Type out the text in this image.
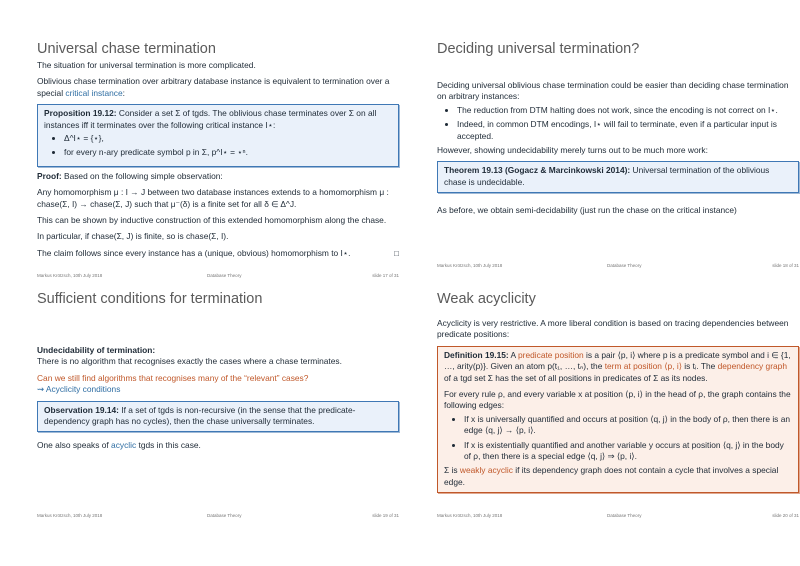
Universal chase termination

The situation for universal termination is more complicated.

Oblivious chase termination over arbitrary database instance is equivalent to termination over a special critical instance:

Proposition 19.12: Consider a set Σ of tgds. The oblivious chase terminates over Σ on all instances iff it terminates over the following critical instance I⋆:
• Δ^I⋆ = {⋆},
• for every n-ary predicate symbol p in Σ, p^I⋆ = ⋆ⁿ.

Proof: Based on the following simple observation:

Any homomorphism μ : I → J between two database instances extends to a homomorphism μ : chase(Σ, I) → chase(Σ, J) such that μ⁻(δ) is a finite set for all δ ∈ Δ^J.

This can be shown by inductive construction of this extended homomorphism along the chase.

In particular, if chase(Σ, J) is finite, so is chase(Σ, I).

The claim follows since every instance has a (unique, obvious) homomorphism to I⋆.	□

Markus Krötzsch, 10th July 2018	Database Theory	slide 17 of 31
Deciding universal termination?

Deciding universal oblivious chase termination could be easier than deciding chase termination on arbitrary instances:

• The reduction from DTM halting does not work, since the encoding is not correct on I⋆.
• Indeed, in common DTM encodings, I⋆ will fail to terminate, even if a particular input is accepted.

However, showing undecidability merely turns out to be much more work:

Theorem 19.13 (Gogacz & Marcinkowski 2014): Universal termination of the oblivious chase is undecidable.

As before, we obtain semi-decidability (just run the chase on the critical instance)

Markus Krötzsch, 10th July 2018	Database Theory	slide 18 of 31
Sufficient conditions for termination

Undecidability of termination:

There is no algorithm that recognises exactly the cases where a chase terminates.

Can we still find algorithms that recognises many of the “relevant” cases?
⇝ Acyclicity conditions

Observation 19.14: If a set of tgds is non-recursive (in the sense that the predicate-dependency graph has no cycles), then the chase universally terminates.

One also speaks of acyclic tgds in this case.

Markus Krötzsch, 10th July 2018	Database Theory	slide 19 of 31
Weak acyclicity

Acyclicity is very restrictive. A more liberal condition is based on tracing dependencies between predicate positions:

Definition 19.15: A predicate position is a pair ⟨p, i⟩ where p is a predicate symbol and i ∈ {1, …, arity(p)}. Given an atom p(t₁, …, tₙ), the term at position ⟨p, i⟩ is tᵢ. The dependency graph of a tgd set Σ has the set of all positions in predicates of Σ as its nodes.

For every rule ρ, and every variable x at position ⟨p, i⟩ in the head of ρ, the graph contains the following edges:

• If x is universally quantified and occurs at position ⟨q, j⟩ in the body of ρ, then there is an edge ⟨q, j⟩ → ⟨p, i⟩.
• If x is existentially quantified and another variable y occurs at position ⟨q, j⟩ in the body of ρ, then there is a special edge ⟨q, j⟩ ⇒ ⟨p, i⟩.

Σ is weakly acyclic if its dependency graph does not contain a cycle that involves a special edge.

Markus Krötzsch, 10th July 2018	Database Theory	slide 20 of 31
